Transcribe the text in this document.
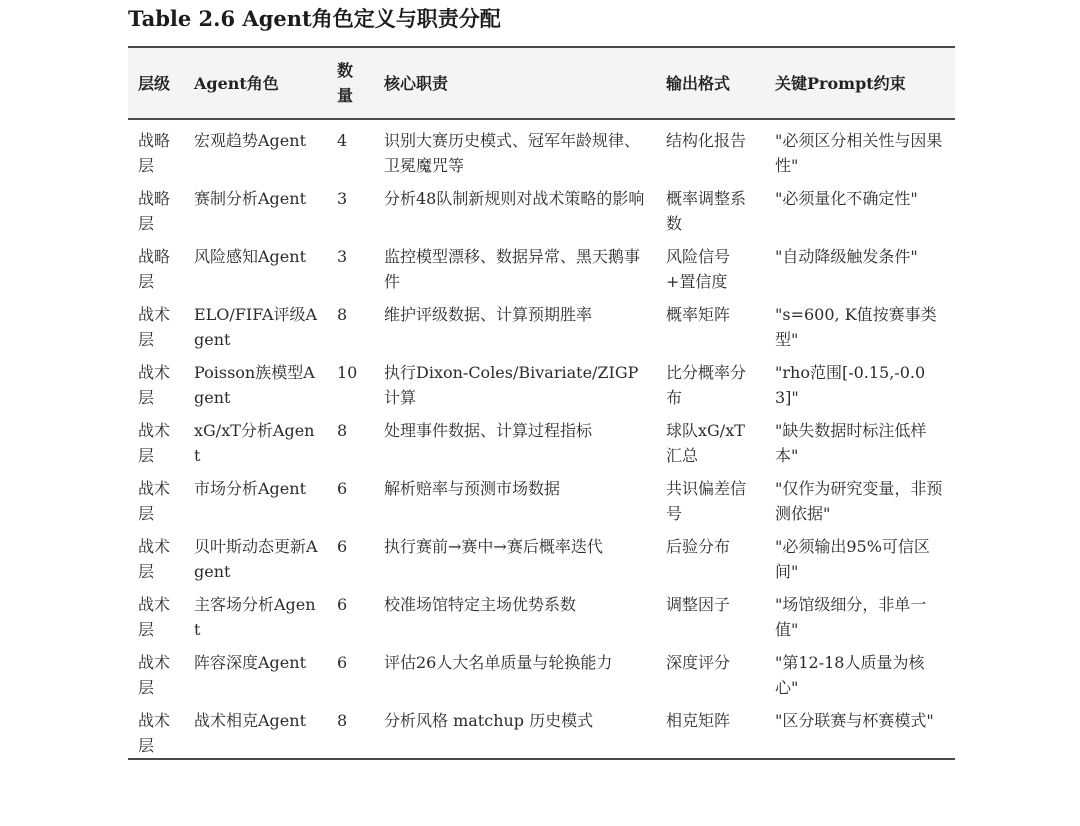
Table 2.6 Agent角色定义与职责分配
层级	Agent角色	数量	核心职责	输出格式	关键Prompt约束
战略层	宏观趋势Agent	4	识别大赛历史模式、冠军年龄规律、卫冕魔咒等	结构化报告	"必须区分相关性与因果性"
战略层	赛制分析Agent	3	分析48队制新规则对战术策略的影响	概率调整系数	"必须量化不确定性"
战略层	风险感知Agent	3	监控模型漂移、数据异常、黑天鹅事件	风险信号+置信度	"自动降级触发条件"
战术层	ELO/FIFA评级Agent	8	维护评级数据、计算预期胜率	概率矩阵	"s=600, K值按赛事类型"
战术层	Poisson族模型Agent	10	执行Dixon-Coles/Bivariate/ZIGP计算	比分概率分布	"rho范围[-0.15,-0.03]"
战术层	xG/xT分析Agent	8	处理事件数据、计算过程指标	球队xG/xT汇总	"缺失数据时标注低样本"
战术层	市场分析Agent	6	解析赔率与预测市场数据	共识偏差信号	"仅作为研究变量，非预测依据"
战术层	贝叶斯动态更新Agent	6	执行赛前→赛中→赛后概率迭代	后验分布	"必须输出95%可信区间"
战术层	主客场分析Agent	6	校准场馆特定主场优势系数	调整因子	"场馆级细分，非单一值"
战术层	阵容深度Agent	6	评估26人大名单质量与轮换能力	深度评分	"第12-18人质量为核心"
战术层	战术相克Agent	8	分析风格 matchup 历史模式	相克矩阵	"区分联赛与杯赛模式"
